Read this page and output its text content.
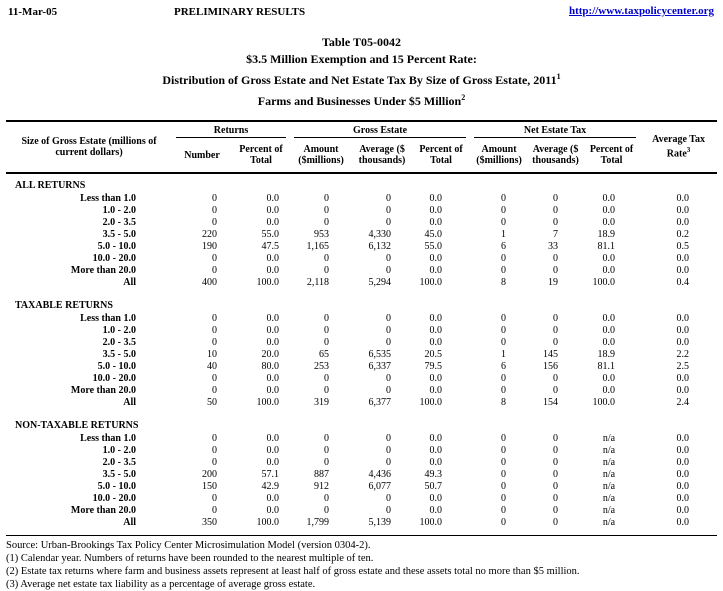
11-Mar-05	PRELIMINARY RESULTS	http://www.taxpolicycenter.org
Table T05-0042
$3.5 Million Exemption and 15 Percent Rate:
Distribution of Gross Estate and Net Estate Tax By Size of Gross Estate, 2011$^1$
Farms and Businesses Under $5 Million$^2$
Size of Gross Estate (millions of current dollars)	Returns		Gross Estate			Net Estate Tax			Average Tax Rate$^3$
	Number	Percent of Total	Amount ($millions)	Average ($ thousands)	Percent of Total	Amount ($millions)	Average ($ thousands)	Percent of Total	

ALL RETURNS									
Less than 1.0	0	0.0	0	0	0.0	0	0	0.0	0.0
1.0 - 2.0	0	0.0	0	0	0.0	0	0	0.0	0.0
2.0 - 3.5	0	0.0	0	0	0.0	0	0	0.0	0.0
3.5 - 5.0	220	55.0	953	4,330	45.0	1	7	18.9	0.2
5.0 - 10.0	190	47.5	1,165	6,132	55.0	6	33	81.1	0.5
10.0 - 20.0	0	0.0	0	0	0.0	0	0	0.0	0.0
More than 20.0	0	0.0	0	0	0.0	0	0	0.0	0.0
All	400	100.0	2,118	5,294	100.0	8	19	100.0	0.4

TAXABLE RETURNS									
Less than 1.0	0	0.0	0	0	0.0	0	0	0.0	0.0
1.0 - 2.0	0	0.0	0	0	0.0	0	0	0.0	0.0
2.0 - 3.5	0	0.0	0	0	0.0	0	0	0.0	0.0
3.5 - 5.0	10	20.0	65	6,535	20.5	1	145	18.9	2.2
5.0 - 10.0	40	80.0	253	6,337	79.5	6	156	81.1	2.5
10.0 - 20.0	0	0.0	0	0	0.0	0	0	0.0	0.0
More than 20.0	0	0.0	0	0	0.0	0	0	0.0	0.0
All	50	100.0	319	6,377	100.0	8	154	100.0	2.4

NON-TAXABLE RETURNS									
Less than 1.0	0	0.0	0	0	0.0	0	0	n/a	0.0
1.0 - 2.0	0	0.0	0	0	0.0	0	0	n/a	0.0
2.0 - 3.5	0	0.0	0	0	0.0	0	0	n/a	0.0
3.5 - 5.0	200	57.1	887	4,436	49.3	0	0	n/a	0.0
5.0 - 10.0	150	42.9	912	6,077	50.7	0	0	n/a	0.0
10.0 - 20.0	0	0.0	0	0	0.0	0	0	n/a	0.0
More than 20.0	0	0.0	0	0	0.0	0	0	n/a	0.0
All	350	100.0	1,799	5,139	100.0	0	0	n/a	0.0

Source: Urban-Brookings Tax Policy Center Microsimulation Model (version 0304-2).
(1) Calendar year. Numbers of returns have been rounded to the nearest multiple of ten.
(2) Estate tax returns where farm and business assets represent at least half of gross estate and these assets total no more than $5 million.
(3) Average net estate tax liability as a percentage of average gross estate.
